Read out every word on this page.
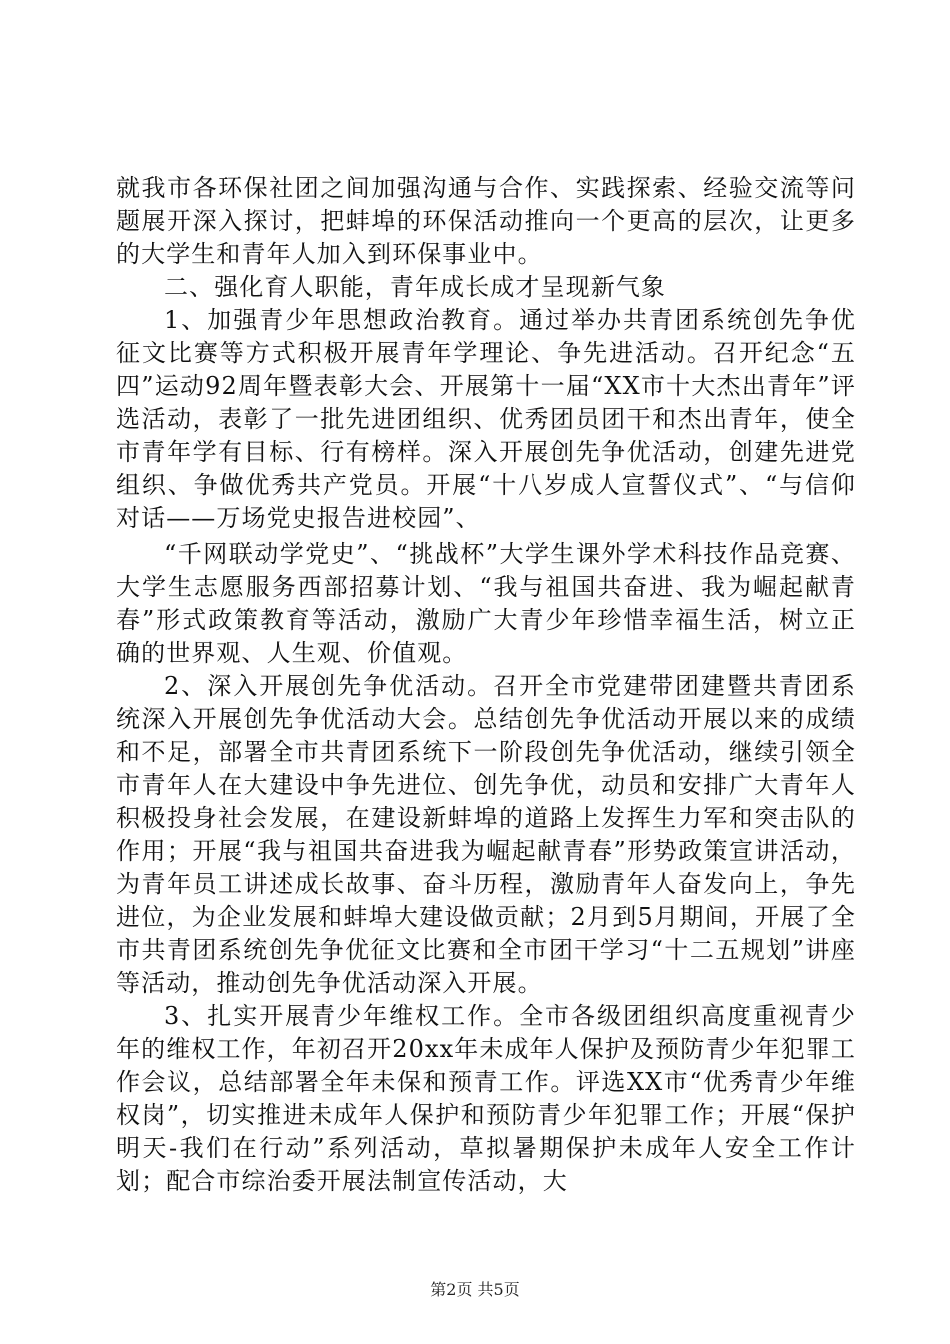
就我市各环保社团之间加强沟通与合作、实践探索、经验交流等问题展开深入探讨，把蚌埠的环保活动推向一个更高的层次，让更多的大学生和青年人加入到环保事业中。

二、强化育人职能，青年成长成才呈现新气象

1、加强青少年思想政治教育。通过举办共青团系统创先争优征文比赛等方式积极开展青年学理论、争先进活动。召开纪念“五四”运动92周年暨表彰大会、开展第十一届“XX市十大杰出青年”评选活动，表彰了一批先进团组织、优秀团员团干和杰出青年，使全市青年学有目标、行有榜样。深入开展创先争优活动，创建先进党组织、争做优秀共产党员。开展“十八岁成人宣誓仪式”、“与信仰对话——万场党史报告进校园”、

“千网联动学党史”、“挑战杯”大学生课外学术科技作品竞赛、大学生志愿服务西部招募计划、“我与祖国共奋进、我为崛起献青春”形式政策教育等活动，激励广大青少年珍惜幸福生活，树立正确的世界观、人生观、价值观。

2、深入开展创先争优活动。召开全市党建带团建暨共青团系统深入开展创先争优活动大会。总结创先争优活动开展以来的成绩和不足，部署全市共青团系统下一阶段创先争优活动，继续引领全市青年人在大建设中争先进位、创先争优，动员和安排广大青年人积极投身社会发展，在建设新蚌埠的道路上发挥生力军和突击队的作用；开展“我与祖国共奋进我为崛起献青春”形势政策宣讲活动，为青年员工讲述成长故事、奋斗历程，激励青年人奋发向上，争先进位，为企业发展和蚌埠大建设做贡献；2月到5月期间，开展了全市共青团系统创先争优征文比赛和全市团干学习“十二五规划”讲座等活动，推动创先争优活动深入开展。

3、扎实开展青少年维权工作。全市各级团组织高度重视青少年的维权工作，年初召开20xx年未成年人保护及预防青少年犯罪工作会议，总结部署全年未保和预青工作。评选XX市“优秀青少年维权岗”，切实推进未成年人保护和预防青少年犯罪工作；开展“保护明天-我们在行动”系列活动，草拟暑期保护未成年人安全工作计划；配合市综治委开展法制宣传活动，大

第2页 共5页
